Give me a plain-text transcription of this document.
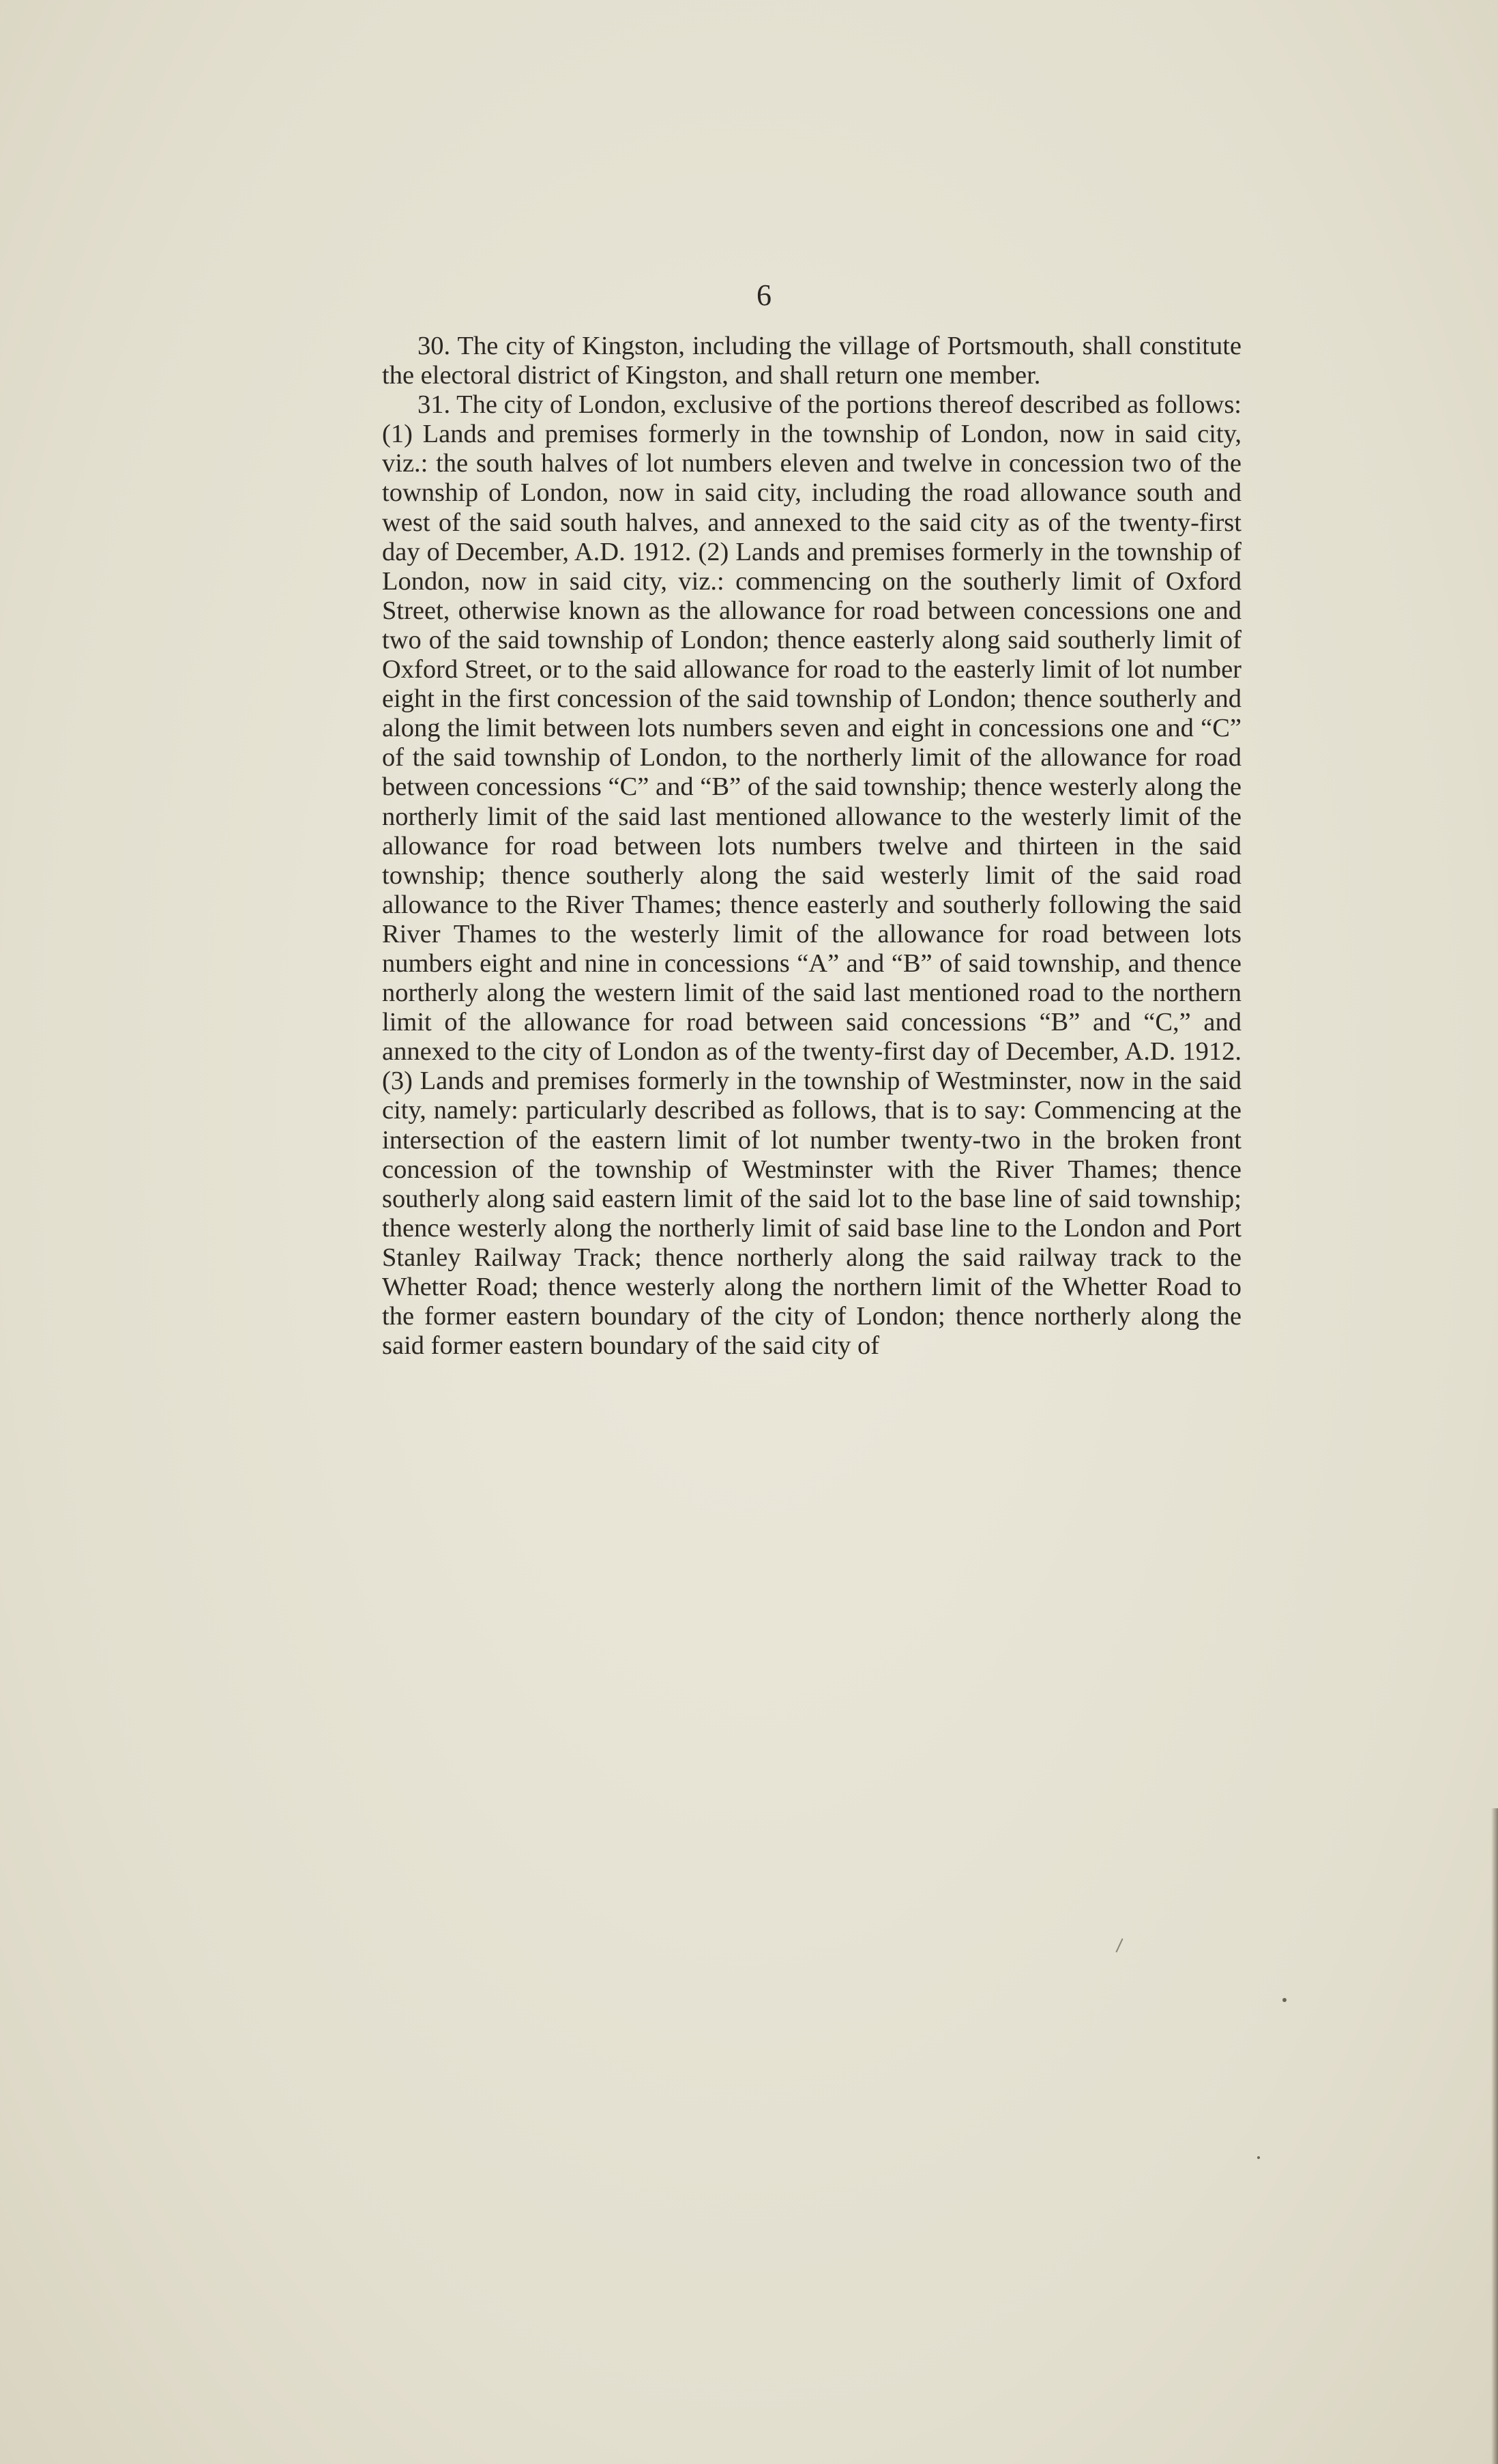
6

30. The city of Kingston, including the village of Portsmouth, shall constitute the electoral district of Kingston, and shall return one member.

31. The city of London, exclusive of the portions thereof described as follows: (1) Lands and premises formerly in the township of London, now in said city, viz.: the south halves of lot numbers eleven and twelve in concession two of the township of London, now in said city, including the road allowance south and west of the said south halves, and annexed to the said city as of the twenty-first day of December, A.D. 1912. (2) Lands and premises formerly in the township of London, now in said city, viz.: commencing on the southerly limit of Oxford Street, otherwise known as the allowance for road between concessions one and two of the said township of London; thence easterly along said southerly limit of Oxford Street, or to the said allowance for road to the easterly limit of lot number eight in the first concession of the said township of London; thence southerly and along the limit between lots numbers seven and eight in concessions one and “C” of the said township of London, to the northerly limit of the allowance for road between concessions “C” and “B” of the said township; thence westerly along the northerly limit of the said last mentioned allowance to the westerly limit of the allowance for road between lots numbers twelve and thirteen in the said township; thence southerly along the said westerly limit of the said road allowance to the River Thames; thence easterly and southerly following the said River Thames to the westerly limit of the allowance for road between lots numbers eight and nine in concessions “A” and “B” of said township, and thence northerly along the western limit of the said last mentioned road to the northern limit of the allowance for road between said concessions “B” and “C,” and annexed to the city of London as of the twenty-first day of December, A.D. 1912. (3) Lands and premises formerly in the township of Westminster, now in the said city, namely: particularly described as follows, that is to say: Commencing at the intersection of the eastern limit of lot number twenty-two in the broken front concession of the township of Westminster with the River Thames; thence southerly along said eastern limit of the said lot to the base line of said township; thence westerly along the northerly limit of said base line to the London and Port Stanley Railway Track; thence northerly along the said railway track to the Whetter Road; thence westerly along the northern limit of the Whetter Road to the former eastern boundary of the city of London; thence northerly along the said former eastern boundary of the said city of
